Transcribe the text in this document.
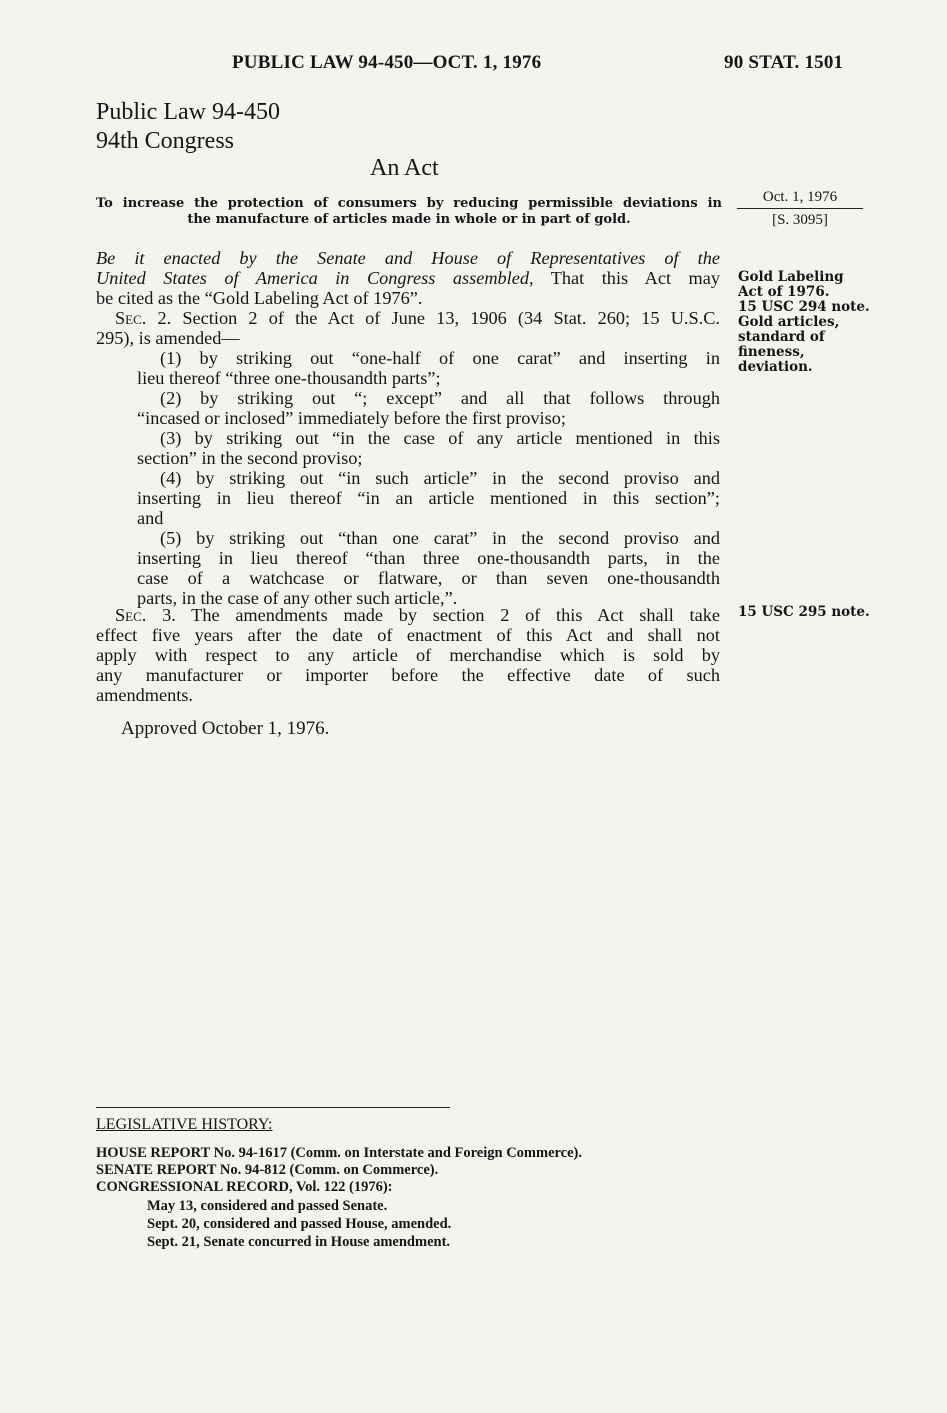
PUBLIC LAW 94-450—OCT. 1, 1976	90 STAT. 1501
Public Law 94-450
94th Congress
An Act
To increase the protection of consumers by reducing permissible deviations in
the manufacture of articles made in whole or in part of gold.
Oct. 1, 1976
[S. 3095]
Gold Labeling
Act of 1976.
15 USC 294 note.
Gold articles,
standard of
fineness,
deviation.
15 USC 295 note.
Be it enacted by the Senate and House of Representatives of the
United States of America in Congress assembled, That this Act may
be cited as the “Gold Labeling Act of 1976”.
Sec. 2. Section 2 of the Act of June 13, 1906 (34 Stat. 260; 15 U.S.C.
295), is amended—
(1) by striking out “one-half of one carat” and inserting in
lieu thereof “three one-thousandth parts”;
(2) by striking out “; except” and all that follows through
“incased or inclosed” immediately before the first proviso;
(3) by striking out “in the case of any article mentioned in this
section” in the second proviso;
(4) by striking out “in such article” in the second proviso and
inserting in lieu thereof “in an article mentioned in this section”;
and
(5) by striking out “than one carat” in the second proviso and
inserting in lieu thereof “than three one-thousandth parts, in the
case of a watchcase or flatware, or than seven one-thousandth
parts, in the case of any other such article,”.
Sec. 3. The amendments made by section 2 of this Act shall take
effect five years after the date of enactment of this Act and shall not
apply with respect to any article of merchandise which is sold by
any manufacturer or importer before the effective date of such
amendments.
Approved October 1, 1976.
LEGISLATIVE HISTORY:
HOUSE REPORT No. 94-1617 (Comm. on Interstate and Foreign Commerce).
SENATE REPORT No. 94-812 (Comm. on Commerce).
CONGRESSIONAL RECORD, Vol. 122 (1976):
May 13, considered and passed Senate.
Sept. 20, considered and passed House, amended.
Sept. 21, Senate concurred in House amendment.
